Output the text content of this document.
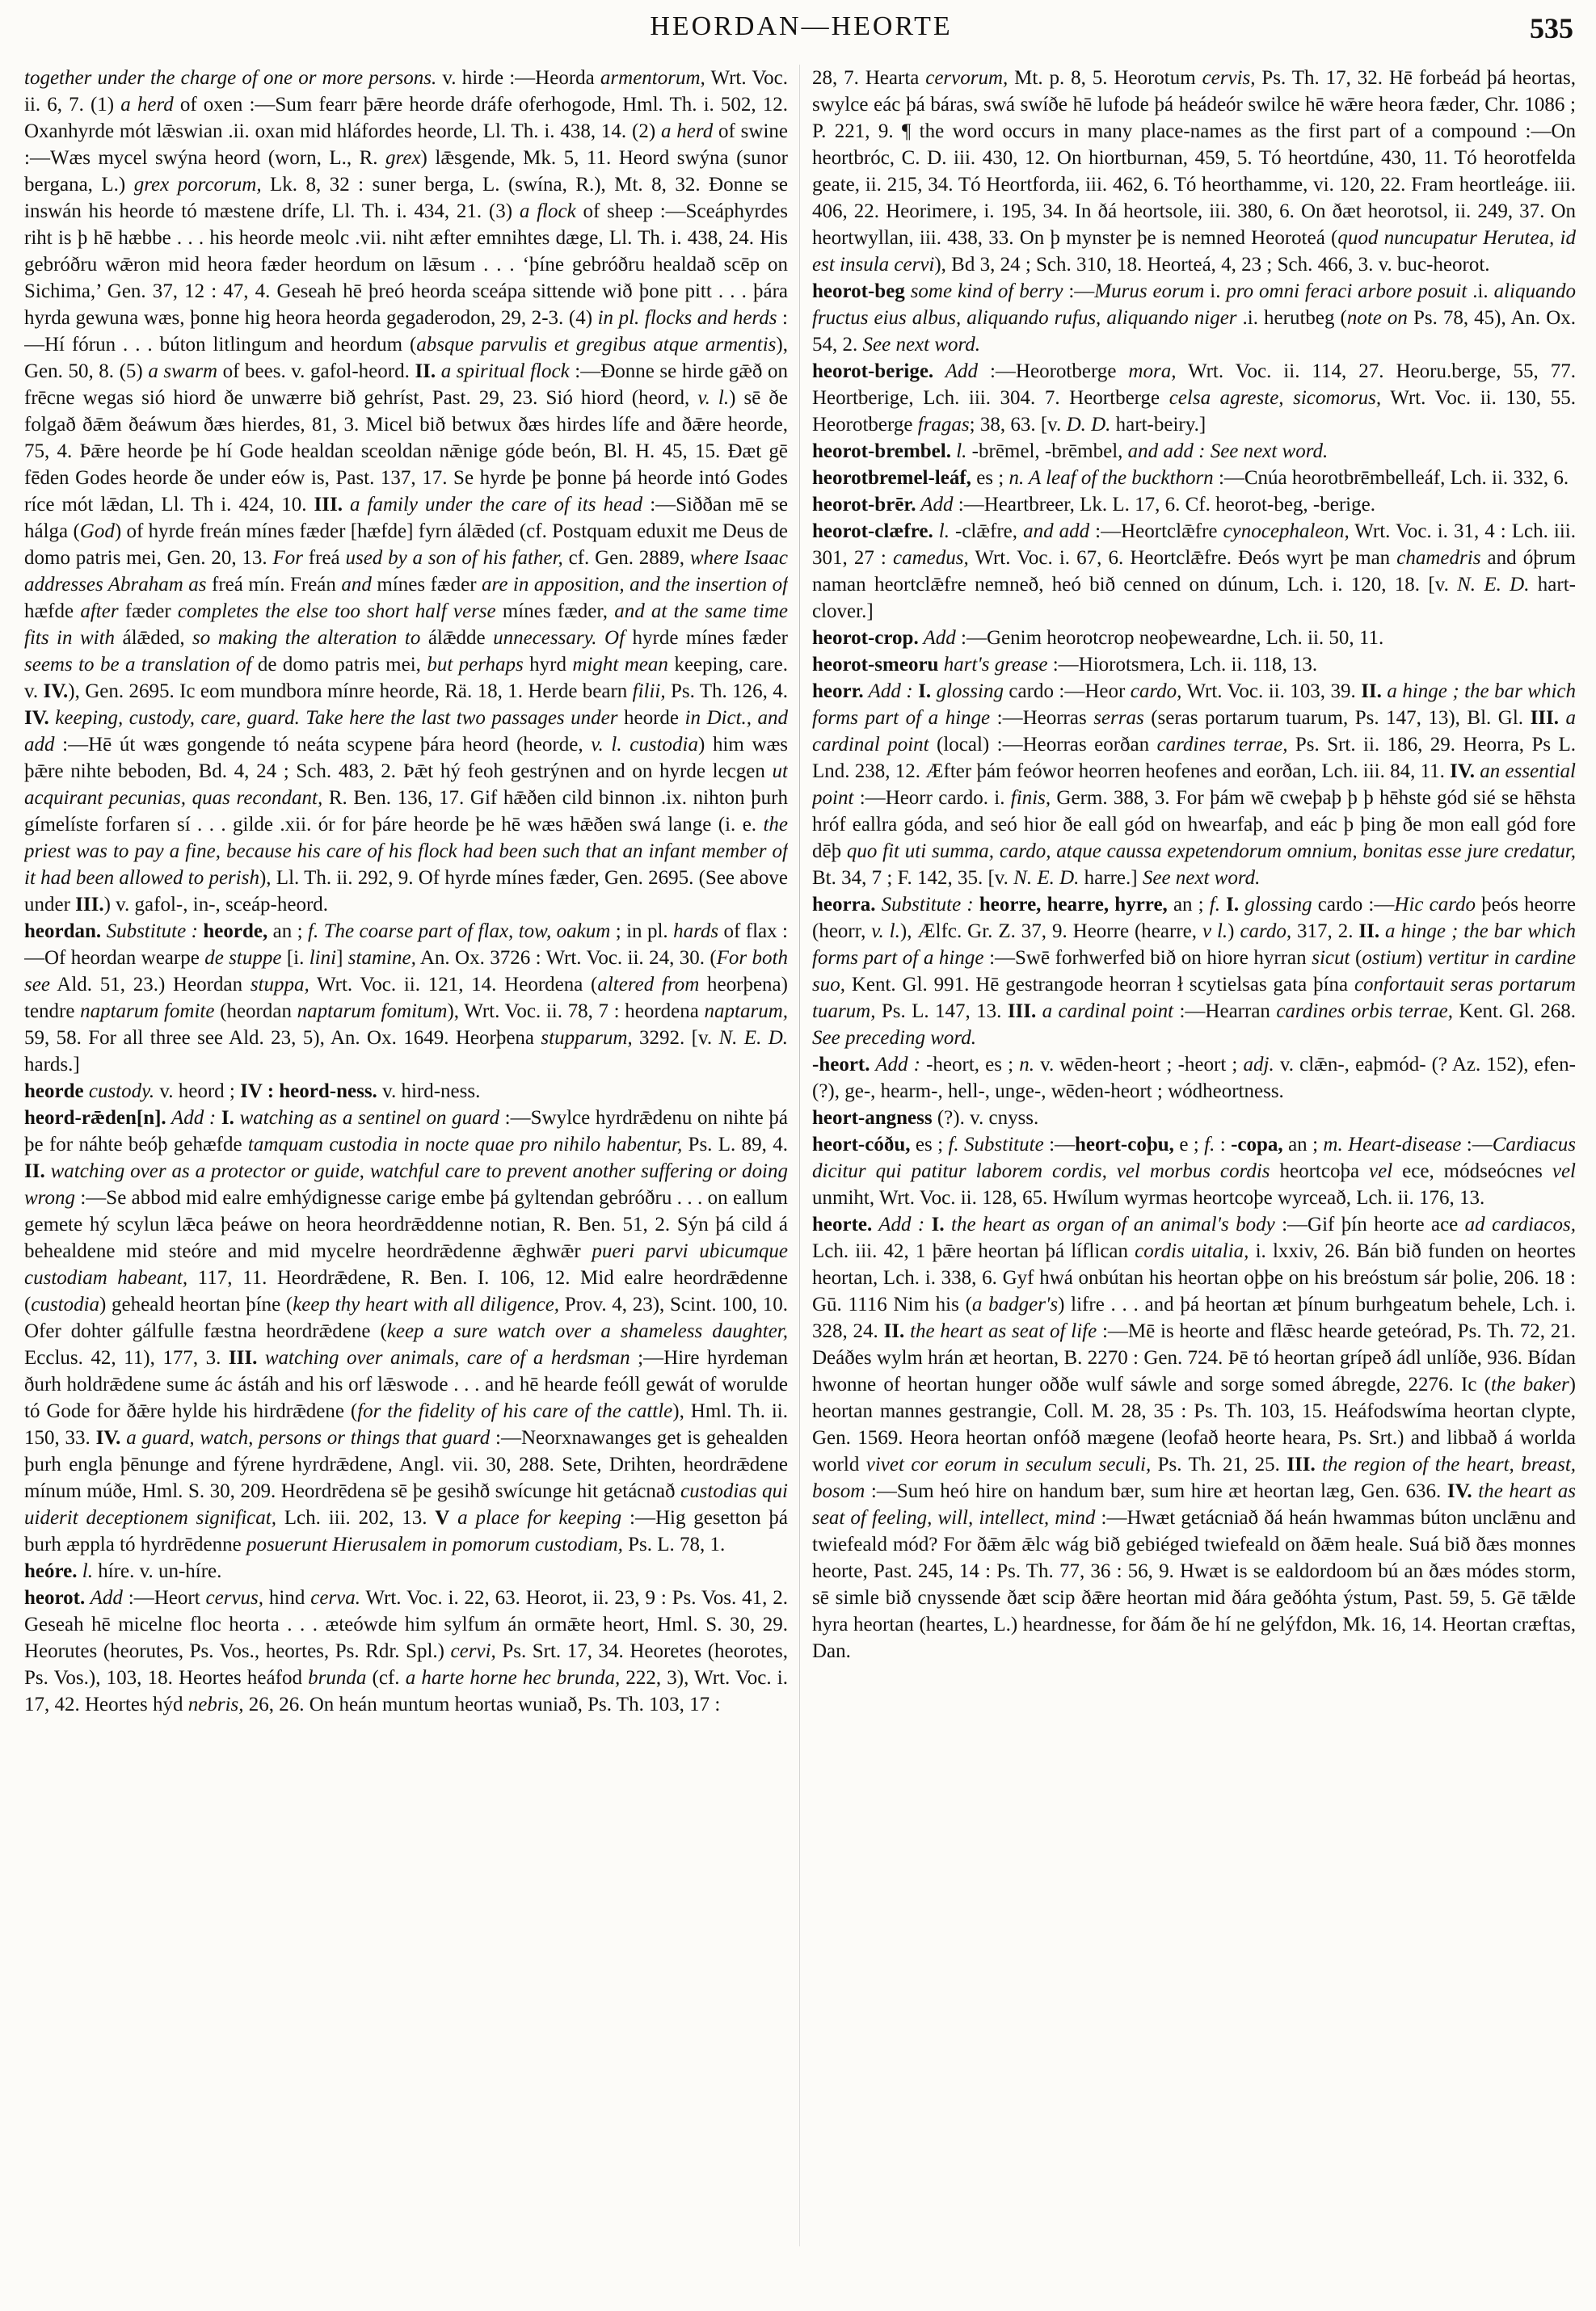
HEORDAN—HEORTE	535

together under the charge of one or more persons. v. hirde :—Heorda armentorum, Wrt. Voc. ii. 6, 7. (1) a herd of oxen :—Sum fearr þǣre heorde dráfe oferhogode, Hml. Th. i. 502, 12. Oxanhyrde mót lǣswian .ii. oxan mid hláfordes heorde, Ll. Th. i. 438, 14. (2) a herd of swine :—Wæs mycel swýna heord (worn, L., R. grex) lǣsgende, Mk. 5, 11. Heord swýna (sunor bergana, L.) grex porcorum, Lk. 8, 32 : suner berga, L. (swína, R.), Mt. 8, 32. Ðonne se inswán his heorde tó mæstene drífe, Ll. Th. i. 434, 21. (3) a flock of sheep :—Sceáphyrdes riht is þ hē hæbbe . . . his heorde meolc .vii. niht æfter emnihtes dæge, Ll. Th. i. 438, 24. His gebróðru wǣron mid heora fæder heordum on lǣsum . . . ‘þíne gebróðru healdað scēp on Sichima,’ Gen. 37, 12 : 47, 4. Geseah hē þreó heorda sceápa sittende wið þone pitt . . . þára hyrda gewuna wæs, þonne hig heora heorda gegaderodon, 29, 2-3. (4) in pl. flocks and herds :—Hí fórun . . . búton litlingum and heordum (absque parvulis et gregibus atque armentis), Gen. 50, 8. (5) a swarm of bees. v. gafol-heord. II. a spiritual flock :—Ðonne se hirde gǣð on frēcne wegas sió hiord ðe unwærre bið gehríst, Past. 29, 23. Sió hiord (heord, v. l.) sē ðe folgað ðǣm ðeáwum ðæs hierdes, 81, 3. Micel bið betwux ðæs hirdes lífe and ðǣre heorde, 75, 4. Þǣre heorde þe hí Gode healdan sceoldan nǣnige góde beón, Bl. H. 45, 15. Ðæt gē fēden Godes heorde ðe under eów is, Past. 137, 17. Se hyrde þe þonne þá heorde intó Godes ríce mót lǣdan, Ll. Th i. 424, 10. III. a family under the care of its head :—Siððan mē se hálga (God) of hyrde freán mínes fæder [hæfde] fyrn álǣded (cf. Postquam eduxit me Deus de domo patris mei, Gen. 20, 13. For freá used by a son of his father, cf. Gen. 2889, where Isaac addresses Abraham as freá mín. Freán and mínes fæder are in apposition, and the insertion of hæfde after fæder completes the else too short half verse mínes fæder, and at the same time fits in with álǣded, so making the alteration to álǣdde unnecessary. Of hyrde mínes fæder seems to be a translation of de domo patris mei, but perhaps hyrd might mean keeping, care. v. IV.), Gen. 2695. Ic eom mundbora mínre heorde, Rä. 18, 1. Herde bearn filii, Ps. Th. 126, 4. IV. keeping, custody, care, guard. Take here the last two passages under heorde in Dict., and add :—Hē út wæs gongende tó neáta scypene þára heord (heorde, v. l. custodia) him wæs þǣre nihte beboden, Bd. 4, 24 ; Sch. 483, 2. Þǣt hý feoh gestrýnen and on hyrde lecgen ut acquirant pecunias, quas recondant, R. Ben. 136, 17. Gif hǣðen cild binnon .ix. nihton þurh gímelíste forfaren sí . . . gilde .xii. ór for þáre heorde þe hē wæs hǣðen swá lange (i. e. the priest was to pay a fine, because his care of his flock had been such that an infant member of it had been allowed to perish), Ll. Th. ii. 292, 9. Of hyrde mínes fæder, Gen. 2695. (See above under III.) v. gafol-, in-, sceáp-heord.

heordan. Substitute : heorde, an ; f. The coarse part of flax, tow, oakum ; in pl. hards of flax :—Of heordan wearpe de stuppe [i. lini] stamine, An. Ox. 3726 : Wrt. Voc. ii. 24, 30. (For both see Ald. 51, 23.) Heordan stuppa, Wrt. Voc. ii. 121, 14. Heordena (altered from heorþena) tendre naptarum fomite (heordan naptarum fomitum), Wrt. Voc. ii. 78, 7 : heordena naptarum, 59, 58. For all three see Ald. 23, 5), An. Ox. 1649. Heorþena stupparum, 3292. [v. N. E. D. hards.]

heorde custody. v. heord ; IV : heord-ness. v. hird-ness.

heord-rǣden[n]. Add : I. watching as a sentinel on guard :—Swylce hyrdrǣdenu on nihte þá þe for náhte beóþ gehæfde tamquam custodia in nocte quae pro nihilo habentur, Ps. L. 89, 4. II. watching over as a protector or guide, watchful care to prevent another suffering or doing wrong :—Se abbod mid ealre emhýdignesse carige embe þá gyltendan gebróðru . . . on eallum gemete hý scylun lǣca þeáwe on heora heordrǣddenne notian, R. Ben. 51, 2. Sýn þá cild á behealdene mid steóre and mid mycelre heordrǣdenne ǣghwǣr pueri parvi ubicumque custodiam habeant, 117, 11. Heordrǣdene, R. Ben. I. 106, 12. Mid ealre heordrǣdenne (custodia) geheald heortan þíne (keep thy heart with all diligence, Prov. 4, 23), Scint. 100, 10. Ofer dohter gálfulle fæstna heordrǣdene (keep a sure watch over a shameless daughter, Ecclus. 42, 11), 177, 3. III. watching over animals, care of a herdsman ;—Hire hyrdeman ðurh holdrǣdene sume ác ástáh and his orf lǣswode . . . and hē hearde feóll gewát of worulde tó Gode for ðǣre hylde his hirdrǣdene (for the fidelity of his care of the cattle), Hml. Th. ii. 150, 33. IV. a guard, watch, persons or things that guard :—Neorxnawanges get is gehealden þurh engla þēnunge and fýrene hyrdrǣdene, Angl. vii. 30, 288. Sete, Drihten, heordrǣdene mínum múðe, Hml. S. 30, 209. Heordrēdena sē þe gesihð swícunge hit getácnað custodias qui uiderit deceptionem significat, Lch. iii. 202, 13. V a place for keeping :—Hig gesetton þá burh æppla tó hyrdrēdenne posuerunt Hierusalem in pomorum custodiam, Ps. L. 78, 1.

heóre. l. híre. v. un-híre.

heorot. Add :—Heort cervus, hind cerva. Wrt. Voc. i. 22, 63. Heorot, ii. 23, 9 : Ps. Vos. 41, 2. Geseah hē micelne floc heorta . . . æteówde him sylfum án ormǣte heort, Hml. S. 30, 29. Heorutes (heorutes, Ps. Vos., heortes, Ps. Rdr. Spl.) cervi, Ps. Srt. 17, 34. Heoretes (heorotes, Ps. Vos.), 103, 18. Heortes heáfod brunda (cf. a harte horne hec brunda, 222, 3), Wrt. Voc. i. 17, 42. Heortes hýd nebris, 26, 26. On heán muntum heortas wuniað, Ps. Th. 103, 17 :

28, 7. Hearta cervorum, Mt. p. 8, 5. Heorotum cervis, Ps. Th. 17, 32. Hē forbeád þá heortas, swylce eác þá báras, swá swíðe hē lufode þá heádeór swilce hē wǣre heora fæder, Chr. 1086 ; P. 221, 9. ¶ the word occurs in many place-names as the first part of a compound :—On heortbróc, C. D. iii. 430, 12. On hiortburnan, 459, 5. Tó heortdúne, 430, 11. Tó heorotfelda geate, ii. 215, 34. Tó Heortforda, iii. 462, 6. Tó heorthamme, vi. 120, 22. Fram heortleáge. iii. 406, 22. Heorimere, i. 195, 34. In ðá heortsole, iii. 380, 6. On ðæt heorotsol, ii. 249, 37. On heortwyllan, iii. 438, 33. On þ mynster þe is nemned Heoroteá (quod nuncupatur Herutea, id est insula cervi), Bd 3, 24 ; Sch. 310, 18. Heorteá, 4, 23 ; Sch. 466, 3. v. buc-heorot.

heorot-beg some kind of berry :—Murus eorum i. pro omni feraci arbore posuit .i. aliquando fructus eius albus, aliquando rufus, aliquando niger .i. herutbeg (note on Ps. 78, 45), An. Ox. 54, 2. See next word.

heorot-berige. Add :—Heorotberge mora, Wrt. Voc. ii. 114, 27. Heoru.berge, 55, 77. Heortberige, Lch. iii. 304. 7. Heortberge celsa agreste, sicomorus, Wrt. Voc. ii. 130, 55. Heorotberge fragas; 38, 63. [v. D. D. hart-beiry.]

heorot-brembel. l. -brēmel, -brēmbel, and add : See next word.

heorotbremel-leáf, es ; n. A leaf of the buckthorn :—Cnúa heorotbrēmbelleáf, Lch. ii. 332, 6.

heorot-brēr. Add :—Heartbreer, Lk. L. 17, 6. Cf. heorot-beg, -berige.

heorot-clæfre. l. -clǣfre, and add :—Heortclǣfre cynocephaleon, Wrt. Voc. i. 31, 4 : Lch. iii. 301, 27 : camedus, Wrt. Voc. i. 67, 6. Heortclǣfre. Ðeós wyrt þe man chamedris and óþrum naman heortclǣfre nemneð, heó bið cenned on dúnum, Lch. i. 120, 18. [v. N. E. D. hart-clover.]

heorot-crop. Add :—Genim heorotcrop neoþeweardne, Lch. ii. 50, 11.

heorot-smeoru hart's grease :—Hiorotsmera, Lch. ii. 118, 13.

heorr. Add : I. glossing cardo :—Heor cardo, Wrt. Voc. ii. 103, 39. II. a hinge ; the bar which forms part of a hinge :—Heorras serras (seras portarum tuarum, Ps. 147, 13), Bl. Gl. III. a cardinal point (local) :—Heorras eorðan cardines terrae, Ps. Srt. ii. 186, 29. Heorra, Ps L. Lnd. 238, 12. Æfter þám feówor heorren heofenes and eorðan, Lch. iii. 84, 11. IV. an essential point :—Heorr cardo. i. finis, Germ. 388, 3. For þám wē cweþaþ þ þ hēhste gód sié se hēhsta hróf eallra góda, and seó hior ðe eall gód on hwearfaþ, and eác þ þing ðe mon eall gód fore dēþ quo fit uti summa, cardo, atque caussa expetendorum omnium, bonitas esse jure credatur, Bt. 34, 7 ; F. 142, 35. [v. N. E. D. harre.] See next word.

heorra. Substitute : heorre, hearre, hyrre, an ; f. I. glossing cardo :—Hic cardo þeós heorre (heorr, v. l.), Ælfc. Gr. Z. 37, 9. Heorre (hearre, v l.) cardo, 317, 2. II. a hinge ; the bar which forms part of a hinge :—Swē forhwerfed bið on hiore hyrran sicut (ostium) vertitur in cardine suo, Kent. Gl. 991. Hē gestrangode heorran ł scytielsas gata þína confortauit seras portarum tuarum, Ps. L. 147, 13. III. a cardinal point :—Hearran cardines orbis terrae, Kent. Gl. 268. See preceding word.

-heort. Add : -heort, es ; n. v. wēden-heort ; -heort ; adj. v. clǣn-, eaþmód- (? Az. 152), efen- (?), ge-, hearm-, hell-, unge-, wēden-heort ; wódheortness.

heort-angness (?). v. cnyss.

heort-cóðu, es ; f. Substitute :—heort-coþu, e ; f. : -copa, an ; m. Heart-disease :—Cardiacus dicitur qui patitur laborem cordis, vel morbus cordis heortcoþa vel ece, módseócnes vel unmiht, Wrt. Voc. ii. 128, 65. Hwílum wyrmas heortcoþe wyrceað, Lch. ii. 176, 13.

heorte. Add : I. the heart as organ of an animal's body :—Gif þín heorte ace ad cardiacos, Lch. iii. 42, 1 þǣre heortan þá líflican cordis uitalia, i. lxxiv, 26. Bán bið funden on heortes heortan, Lch. i. 338, 6. Gyf hwá onbútan his heortan oþþe on his breóstum sár þolie, 206. 18 : Gū. 1116 Nim his (a badger's) lifre . . . and þá heortan æt þínum burhgeatum behele, Lch. i. 328, 24. II. the heart as seat of life :—Mē is heorte and flǣsc hearde geteórad, Ps. Th. 72, 21. Deáðes wylm hrán æt heortan, B. 2270 : Gen. 724. Þē tó heortan grípeð ádl unlíðe, 936. Bídan hwonne of heortan hunger oððe wulf sáwle and sorge somed ábregde, 2276. Ic (the baker) heortan mannes gestrangie, Coll. M. 28, 35 : Ps. Th. 103, 15. Heáfodswíma heortan clypte, Gen. 1569. Heora heortan onfóð mægene (leofað heorte heara, Ps. Srt.) and libbað á worlda world vivet cor eorum in seculum seculi, Ps. Th. 21, 25. III. the region of the heart, breast, bosom :—Sum heó hire on handum bær, sum hire æt heortan læg, Gen. 636. IV. the heart as seat of feeling, will, intellect, mind :—Hwæt getácniað ðá heán hwammas búton unclǣnu and twiefeald mód? For ðǣm ǣlc wág bið gebiéged twiefeald on ðǣm heale. Suá bið ðæs monnes heorte, Past. 245, 14 : Ps. Th. 77, 36 : 56, 9. Hwæt is se ealdordoom bú an ðæs módes storm, sē simle bið cnyssende ðæt scip ðǣre heortan mid ðára geðóhta ýstum, Past. 59, 5. Gē tǣlde hyra heortan (heartes, L.) heardnesse, for ðám ðe hí ne gelýfdon, Mk. 16, 14. Heortan cræftas, Dan.
